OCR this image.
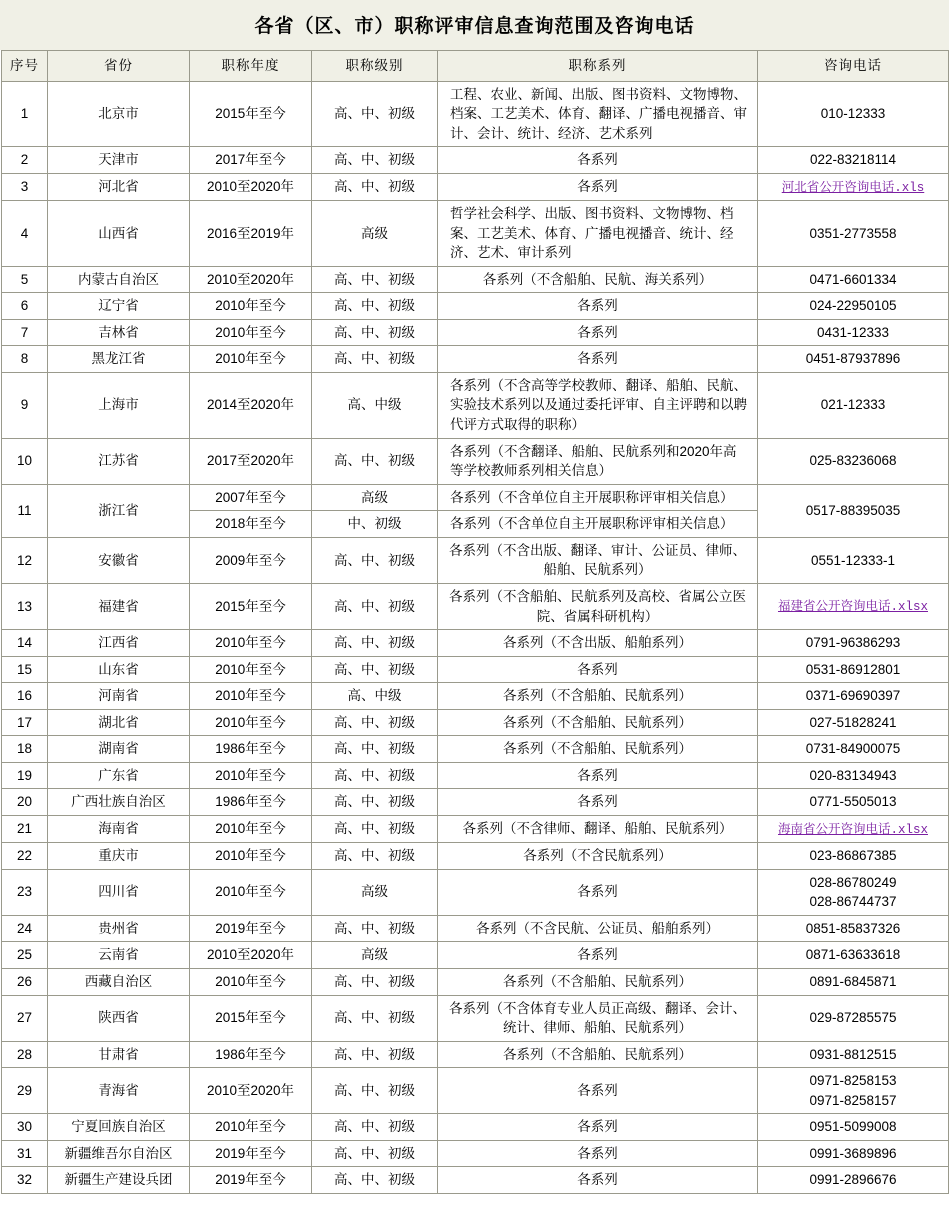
各省（区、市）职称评审信息查询范围及咨询电话
序号	省份	职称年度	职称级别	职称系列	咨询电话
1	北京市	2015年至今	高、中、初级	工程、农业、新闻、出版、图书资料、文物博物、档案、工艺美术、体育、翻译、广播电视播音、审计、会计、统计、经济、艺术系列	010-12333
2	天津市	2017年至今	高、中、初级	各系列	022-83218114
3	河北省	2010至2020年	高、中、初级	各系列	河北省公开咨询电话.xls
4	山西省	2016至2019年	高级	哲学社会科学、出版、图书资料、文物博物、档案、工艺美术、体育、广播电视播音、统计、经济、艺术、审计系列	0351-2773558
5	内蒙古自治区	2010至2020年	高、中、初级	各系列（不含船舶、民航、海关系列）	0471-6601334
6	辽宁省	2010年至今	高、中、初级	各系列	024-22950105
7	吉林省	2010年至今	高、中、初级	各系列	0431-12333
8	黑龙江省	2010年至今	高、中、初级	各系列	0451-87937896
9	上海市	2014至2020年	高、中级	各系列（不含高等学校教师、翻译、船舶、民航、实验技术系列以及通过委托评审、自主评聘和以聘代评方式取得的职称）	021-12333
10	江苏省	2017至2020年	高、中、初级	各系列（不含翻译、船舶、民航系列和2020年高等学校教师系列相关信息）	025-83236068
11	浙江省	2007年至今	高级	各系列（不含单位自主开展职称评审相关信息）	0517-88395035
		2018年至今	中、初级	各系列（不含单位自主开展职称评审相关信息）	
12	安徽省	2009年至今	高、中、初级	各系列（不含出版、翻译、审计、公证员、律师、船舶、民航系列）	0551-12333-1
13	福建省	2015年至今	高、中、初级	各系列（不含船舶、民航系列及高校、省属公立医院、省属科研机构）	福建省公开咨询电话.xlsx
14	江西省	2010年至今	高、中、初级	各系列（不含出版、船舶系列）	0791-96386293
15	山东省	2010年至今	高、中、初级	各系列	0531-86912801
16	河南省	2010年至今	高、中级	各系列（不含船舶、民航系列）	0371-69690397
17	湖北省	2010年至今	高、中、初级	各系列（不含船舶、民航系列）	027-51828241
18	湖南省	1986年至今	高、中、初级	各系列（不含船舶、民航系列）	0731-84900075
19	广东省	2010年至今	高、中、初级	各系列	020-83134943
20	广西壮族自治区	1986年至今	高、中、初级	各系列	0771-5505013
21	海南省	2010年至今	高、中、初级	各系列（不含律师、翻译、船舶、民航系列）	海南省公开咨询电话.xlsx
22	重庆市	2010年至今	高、中、初级	各系列（不含民航系列）	023-86867385
23	四川省	2010年至今	高级	各系列	028-86780249
028-86744737

24	贵州省	2019年至今	高、中、初级	各系列（不含民航、公证员、船舶系列）	0851-85837326
25	云南省	2010至2020年	高级	各系列	0871-63633618
26	西藏自治区	2010年至今	高、中、初级	各系列（不含船舶、民航系列）	0891-6845871
27	陕西省	2015年至今	高、中、初级	各系列（不含体育专业人员正高级、翻译、会计、统计、律师、船舶、民航系列）	029-87285575
28	甘肃省	1986年至今	高、中、初级	各系列（不含船舶、民航系列）	0931-8812515
29	青海省	2010至2020年	高、中、初级	各系列	0971-8258153
0971-8258157

30	宁夏回族自治区	2010年至今	高、中、初级	各系列	0951-5099008
31	新疆维吾尔自治区	2019年至今	高、中、初级	各系列	0991-3689896
32	新疆生产建设兵团	2019年至今	高、中、初级	各系列	0991-2896676
